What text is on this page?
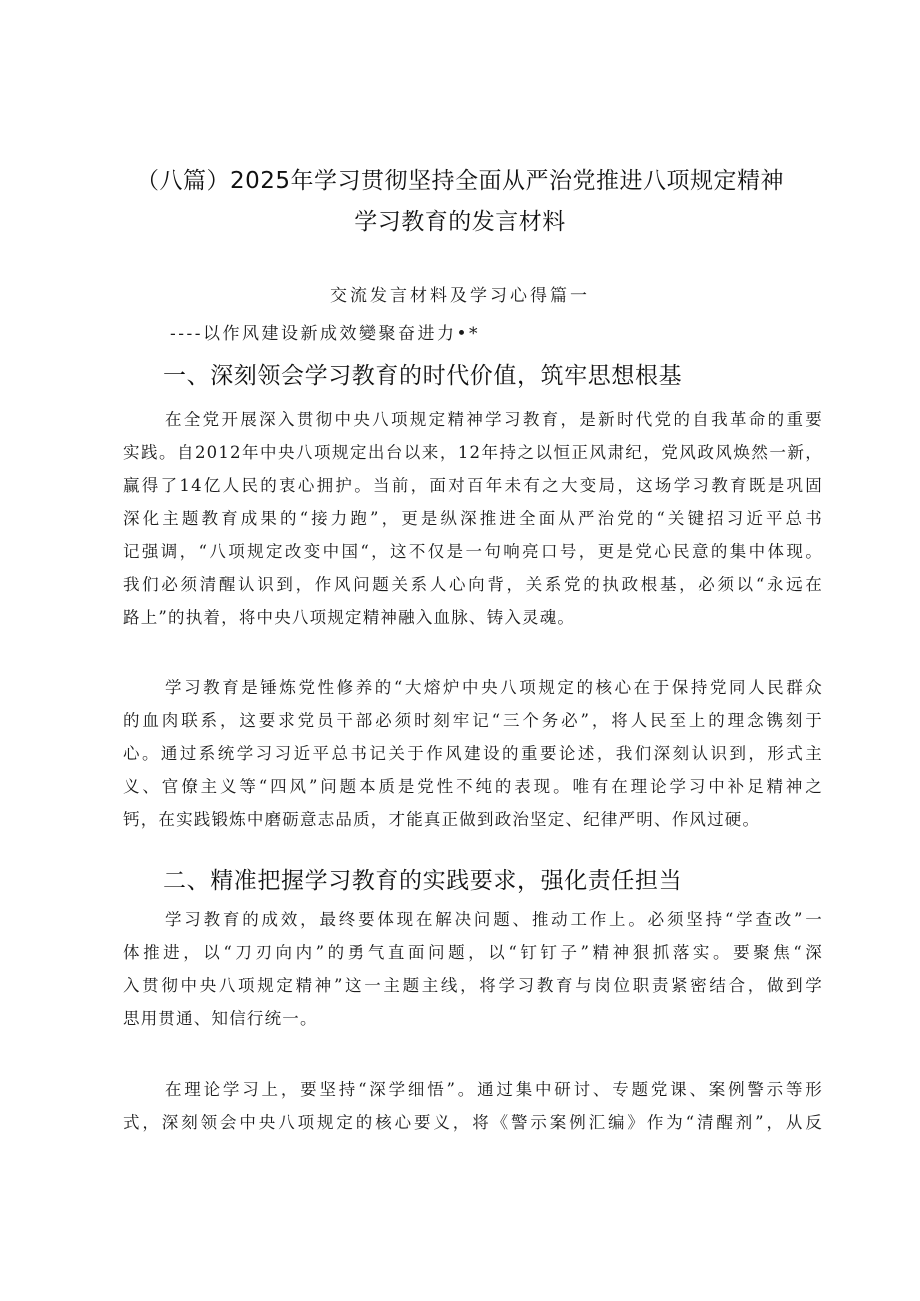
（八篇）2025年学习贯彻坚持全面从严治党推进八项规定精神
学习教育的发言材料
交流发言材料及学习心得篇一
----以作风建设新成效變聚奋进力•*
一、深刻领会学习教育的时代价值，筑牢思想根基
在全党开展深入贯彻中央八项规定精神学习教育，是新时代党的自我革命的重要
实践。自2012年中央八项规定出台以来，12年持之以恒正风肃纪，党风政风焕然一新，
赢得了14亿人民的衷心拥护。当前，面对百年未有之大变局，这场学习教育既是巩固
深化主题教育成果的“接力跑”，更是纵深推进全面从严治党的“关键招习近平总书
记强调，“八项规定改变中国“，这不仅是一句响亮口号，更是党心民意的集中体现。
我们必须清醒认识到，作风问题关系人心向背，关系党的执政根基，必须以“永远在
路上”的执着，将中央八项规定精神融入血脉、铸入灵魂。
学习教育是锤炼党性修养的“大熔炉中央八项规定的核心在于保持党同人民群众
的血肉联系，这要求党员干部必须时刻牢记“三个务必”，将人民至上的理念镌刻于
心。通过系统学习习近平总书记关于作风建设的重要论述，我们深刻认识到，形式主
义、官僚主义等“四风”问题本质是党性不纯的表现。唯有在理论学习中补足精神之
钙，在实践锻炼中磨砺意志品质，才能真正做到政治坚定、纪律严明、作风过硬。
二、精准把握学习教育的实践要求，强化责任担当
学习教育的成效，最终要体现在解决问题、推动工作上。必须坚持“学查改”一
体推进，以“刀刃向内”的勇气直面问题，以“钉钉子”精神狠抓落实。要聚焦“深
入贯彻中央八项规定精神”这一主题主线，将学习教育与岗位职责紧密结合，做到学
思用贯通、知信行统一。
在理论学习上，要坚持“深学细悟”。通过集中研讨、专题党课、案例警示等形
式，深刻领会中央八项规定的核心要义，将《警示案例汇编》作为“清醒剂”，从反
